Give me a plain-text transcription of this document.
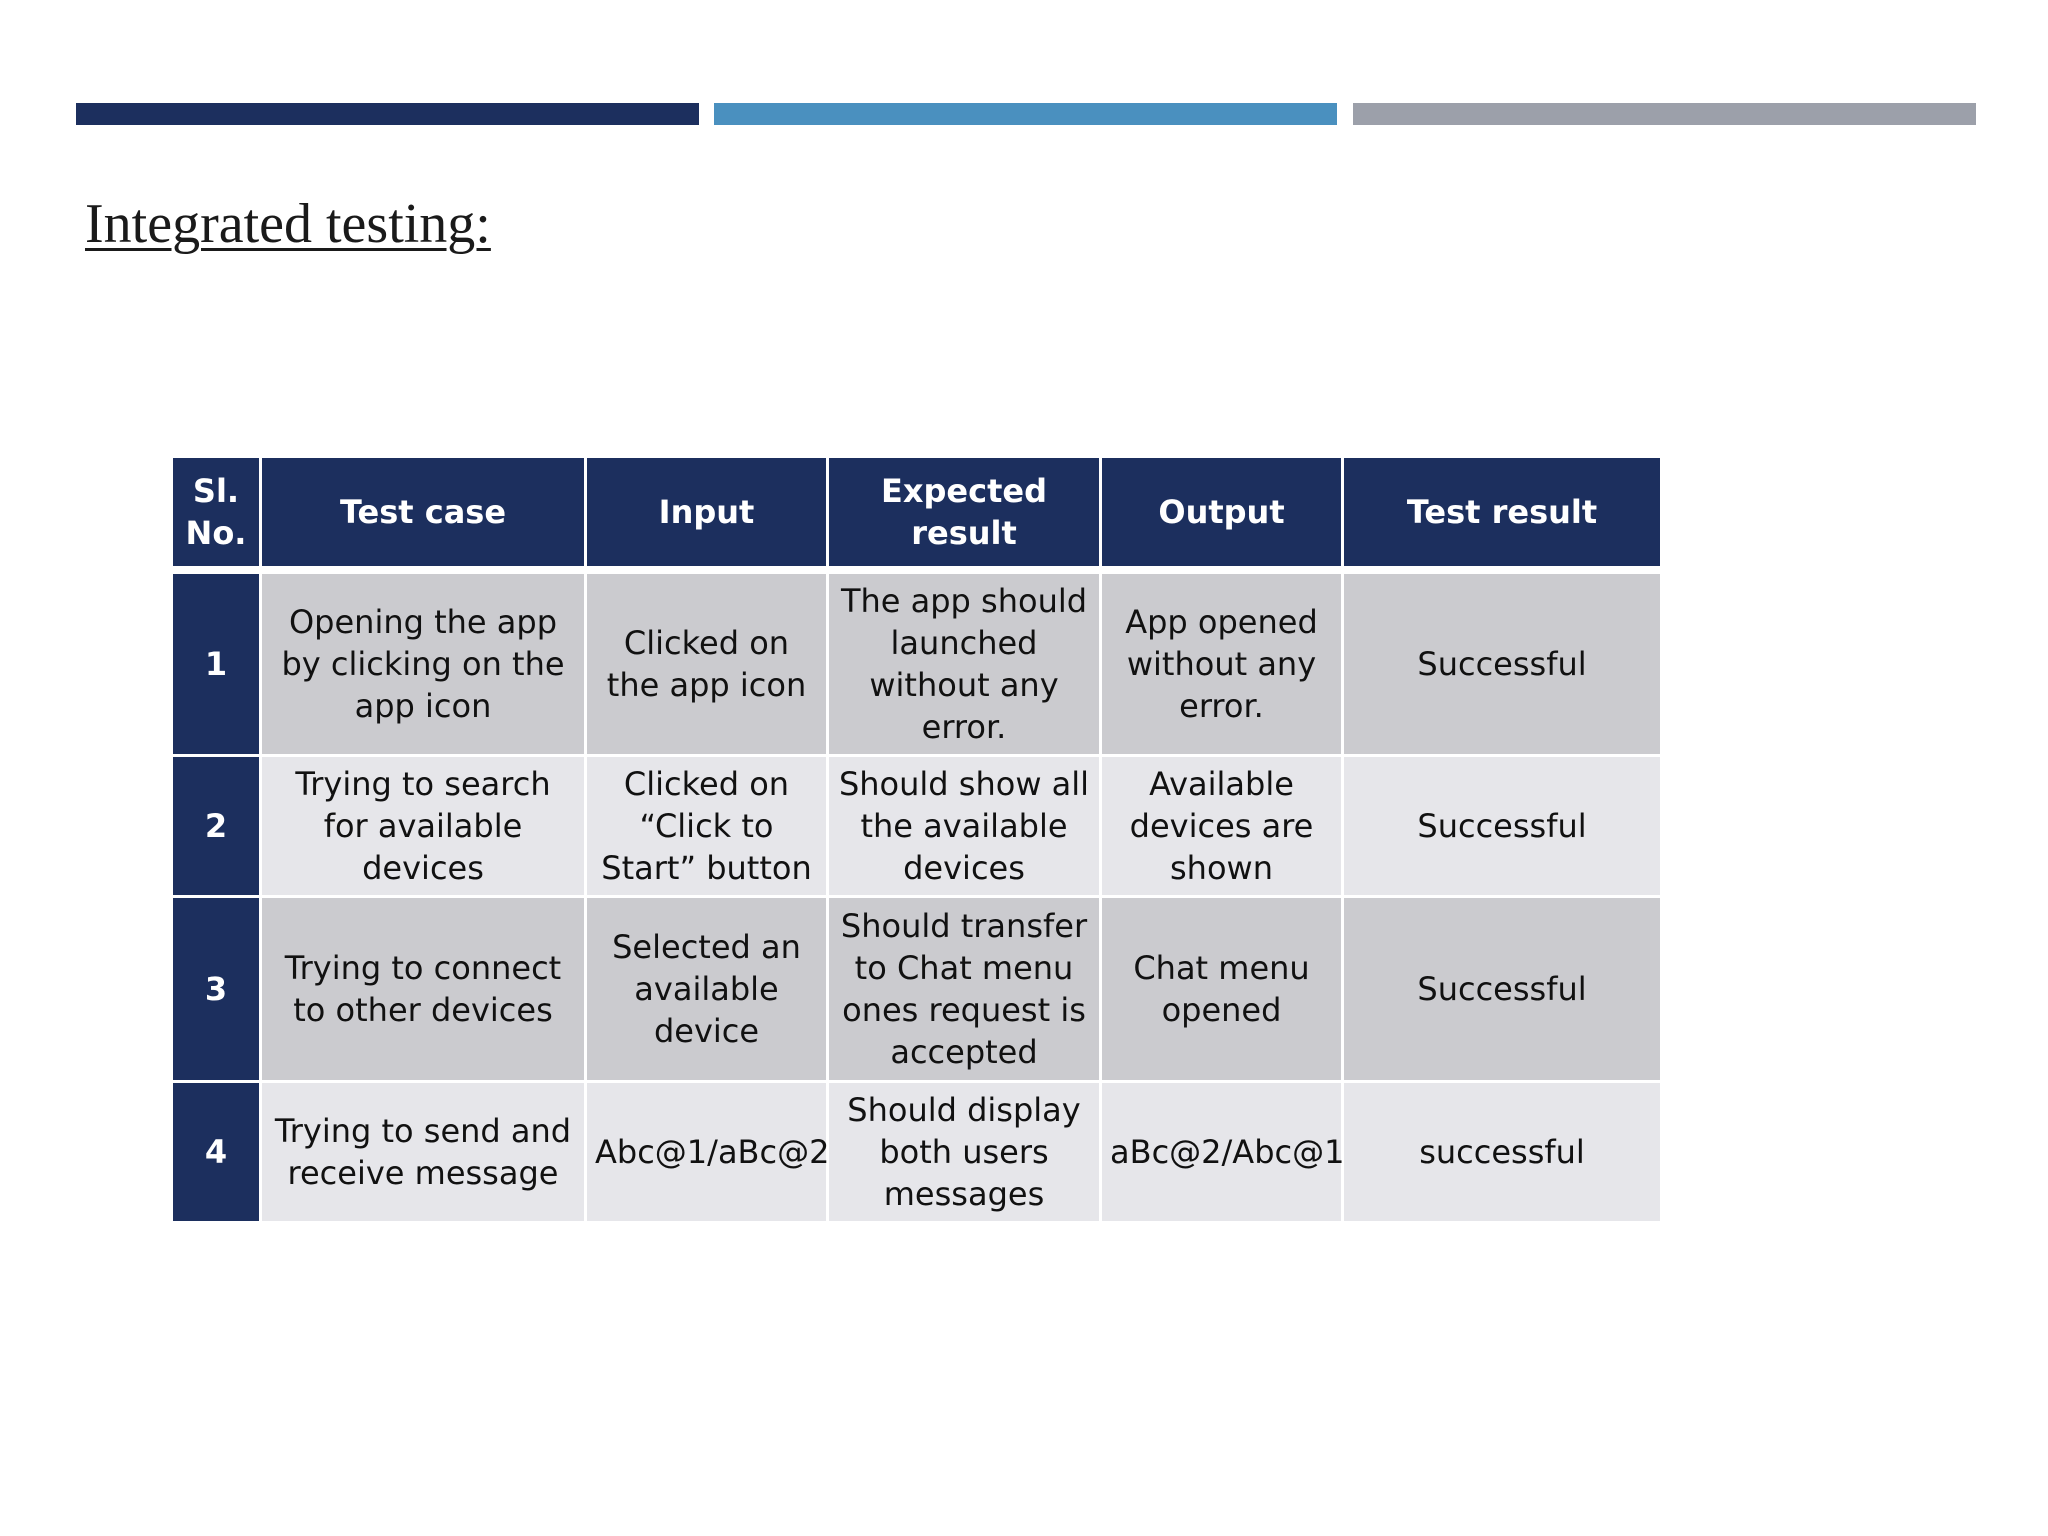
Integrated testing:
Sl. No.	Test case	Input	Expected result	Output	Test result
1	Opening the app by clicking on the app icon	Clicked on the app icon	The app should launched without any error.	App opened without any error.	Successful
2	Trying to search for available devices	Clicked on “Click to Start” button	Should show all the available devices	Available devices are shown	Successful
3	Trying to connect to other devices	Selected an available device	Should transfer to Chat menu ones request is accepted	Chat menu opened	Successful
4	Trying to send and receive message	Abc@1/aBc@2	Should display both users messages	aBc@2/Abc@1	successful
